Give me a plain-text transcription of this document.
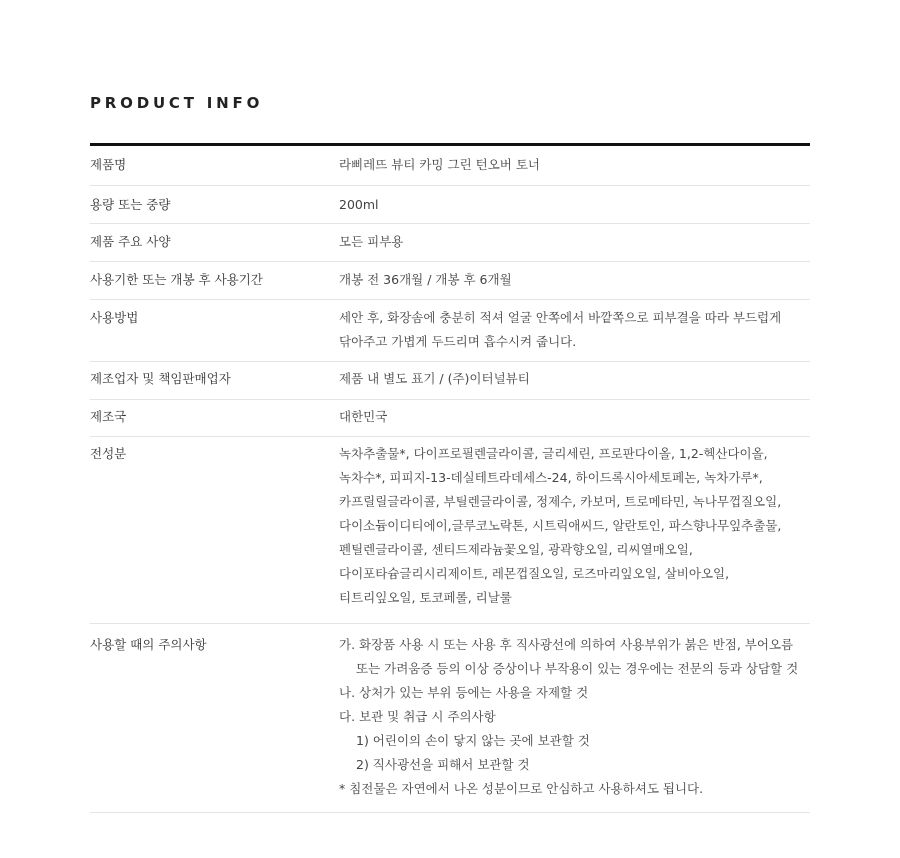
PRODUCT INFO
제품명	라삐레뜨 뷰티 카밍 그린 턴오버 토너
용량 또는 중량	200ml
제품 주요 사양	모든 피부용
사용기한 또는 개봉 후 사용기간	개봉 전 36개월 / 개봉 후 6개월
사용방법	세안 후, 화장솜에 충분히 적셔 얼굴 안쪽에서 바깥쪽으로 피부결을 따라 부드럽게
닦아주고 가볍게 두드리며 흡수시켜 줍니다.
제조업자 및 책임판매업자	제품 내 별도 표기 / (주)이터널뷰티
제조국	대한민국
전성분	녹차추출물*, 다이프로필렌글라이콜, 글리세린, 프로판다이올, 1,2-헥산다이올,
녹차수*, 피피지-13-데실테트라데세스-24, 하이드록시아세토페논, 녹차가루*,
카프릴릴글라이콜, 부틸렌글라이콜, 정제수, 카보머, 트로메타민, 녹나무껍질오일,
다이소듐이디티에이,글루코노락톤, 시트릭애씨드, 알란토인, 파스향나무잎추출물,
펜틸렌글라이콜, 센티드제라늄꽃오일, 광곽향오일, 리씨열매오일,
다이포타슘글리시리제이트, 레몬껍질오일, 로즈마리잎오일, 살비아오일,
티트리잎오일, 토코페롤, 리날룰
사용할 때의 주의사항	가. 화장품 사용 시 또는 사용 후 직사광선에 의하여 사용부위가 붉은 반점, 부어오름
또는 가려움증 등의 이상 증상이나 부작용이 있는 경우에는 전문의 등과 상담할 것
나. 상처가 있는 부위 등에는 사용을 자제할 것
다. 보관 및 취급 시 주의사항
1) 어린이의 손이 닿지 않는 곳에 보관할 것
2) 직사광선을 피해서 보관할 것
* 침전물은 자연에서 나온 성분이므로 안심하고 사용하셔도 됩니다.
